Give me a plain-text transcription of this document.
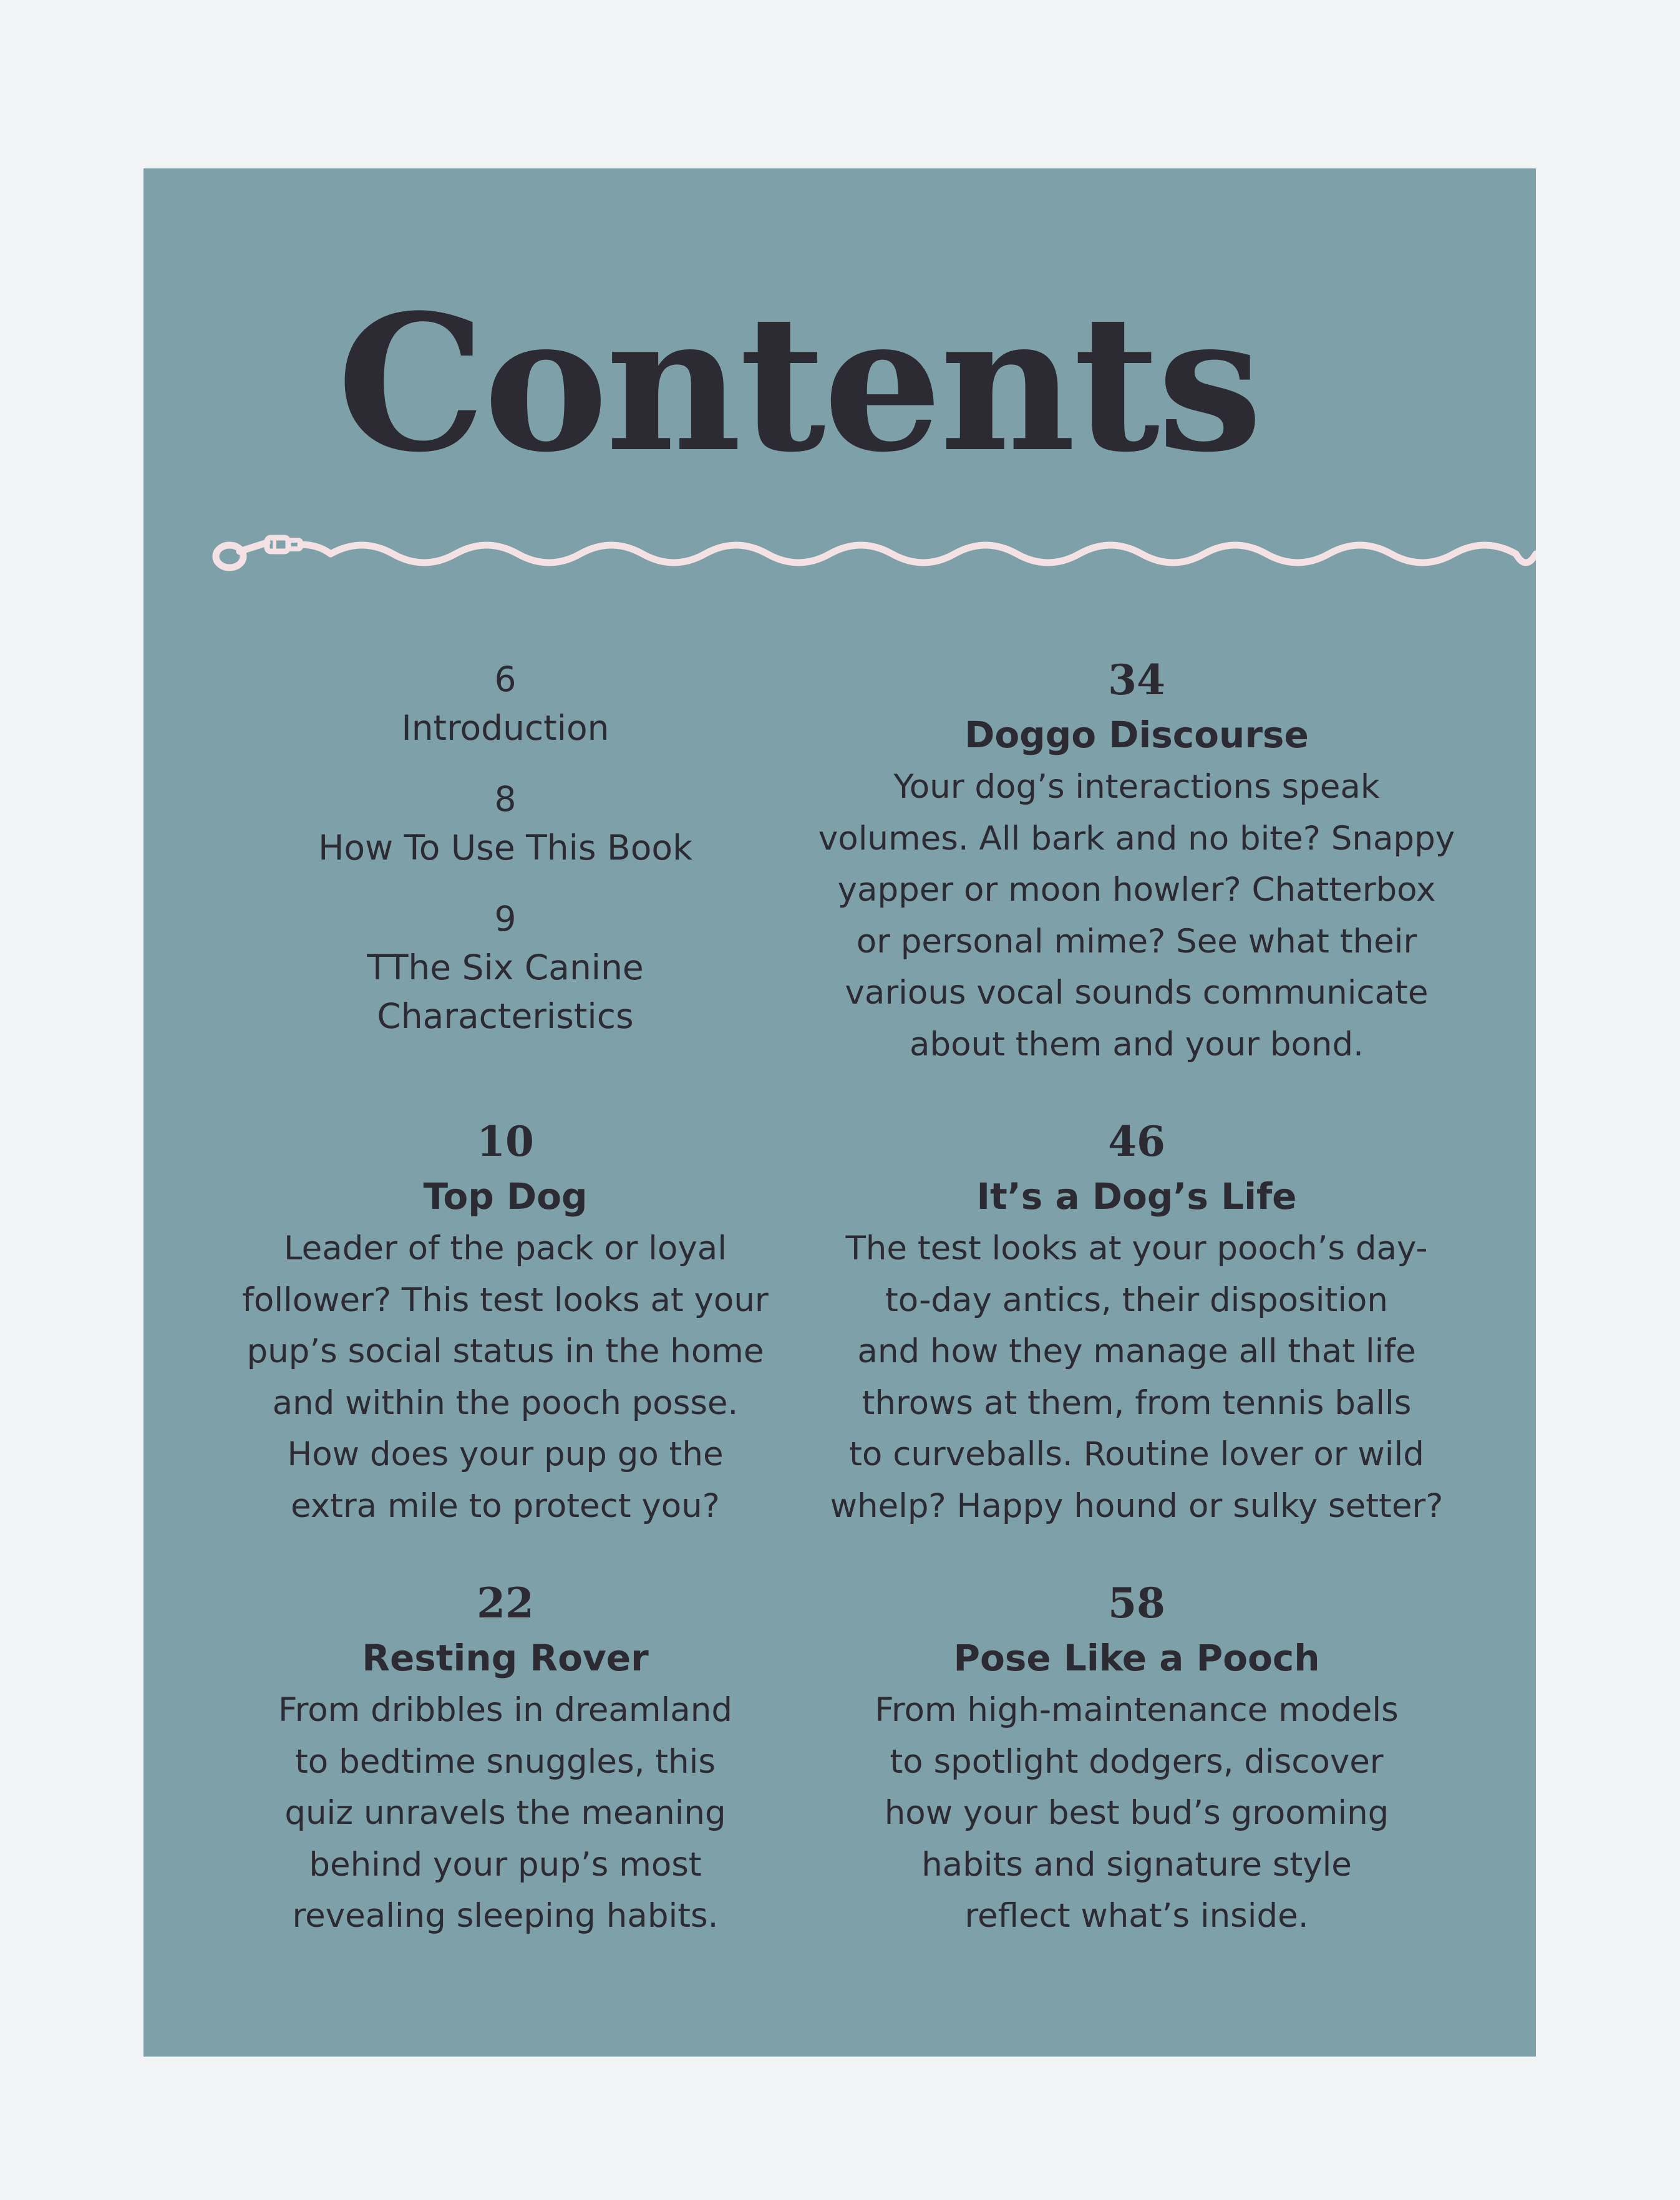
Contents
6
Introduction
8
How To Use This Book
9
TThe Six Canine
Characteristics
34
Doggo Discourse
Your dog’s interactions speak
volumes. All bark and no bite? Snappy
yapper or moon howler? Chatterbox
or personal mime? See what their
various vocal sounds communicate
about them and your bond.
10
Top Dog
Leader of the pack or loyal
follower? This test looks at your
pup’s social status in the home
and within the pooch posse.
How does your pup go the
extra mile to protect you?
46
It’s a Dog’s Life
The test looks at your pooch’s day-
to-day antics, their disposition
and how they manage all that life
throws at them, from tennis balls
to curveballs. Routine lover or wild
whelp? Happy hound or sulky setter?
22
Resting Rover
From dribbles in dreamland
to bedtime snuggles, this
quiz unravels the meaning
behind your pup’s most
revealing sleeping habits.
58
Pose Like a Pooch
From high-maintenance models
to spotlight dodgers, discover
how your best bud’s grooming
habits and signature style
reflect what’s inside.
